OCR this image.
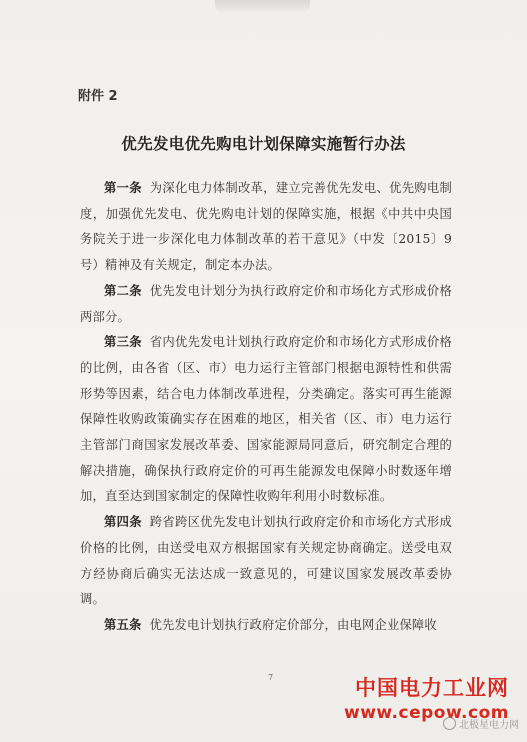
附件 2
优先发电优先购电计划保障实施暂行办法

第一条 为深化电力体制改革，建立完善优先发电、优先购电制度，加强优先发电、优先购电计划的保障实施，根据《中共中央国务院关于进一步深化电力体制改革的若干意见》（中发〔2015〕9号）精神及有关规定，制定本办法。

第二条 优先发电计划分为执行政府定价和市场化方式形成价格两部分。

第三条 省内优先发电计划执行政府定价和市场化方式形成价格的比例，由各省（区、市）电力运行主管部门根据电源特性和供需形势等因素，结合电力体制改革进程，分类确定。落实可再生能源保障性收购政策确实存在困难的地区，相关省（区、市）电力运行主管部门商国家发展改革委、国家能源局同意后，研究制定合理的解决措施，确保执行政府定价的可再生能源发电保障小时数逐年增加，直至达到国家制定的保障性收购年利用小时数标准。

第四条 跨省跨区优先发电计划执行政府定价和市场化方式形成价格的比例，由送受电双方根据国家有关规定协商确定。送受电双方经协商后确实无法达成一致意见的，可建议国家发展改革委协调。

第五条 优先发电计划执行政府定价部分，由电网企业保障收

7	中国电力工业网
www.cepow.com
北极星电力网
